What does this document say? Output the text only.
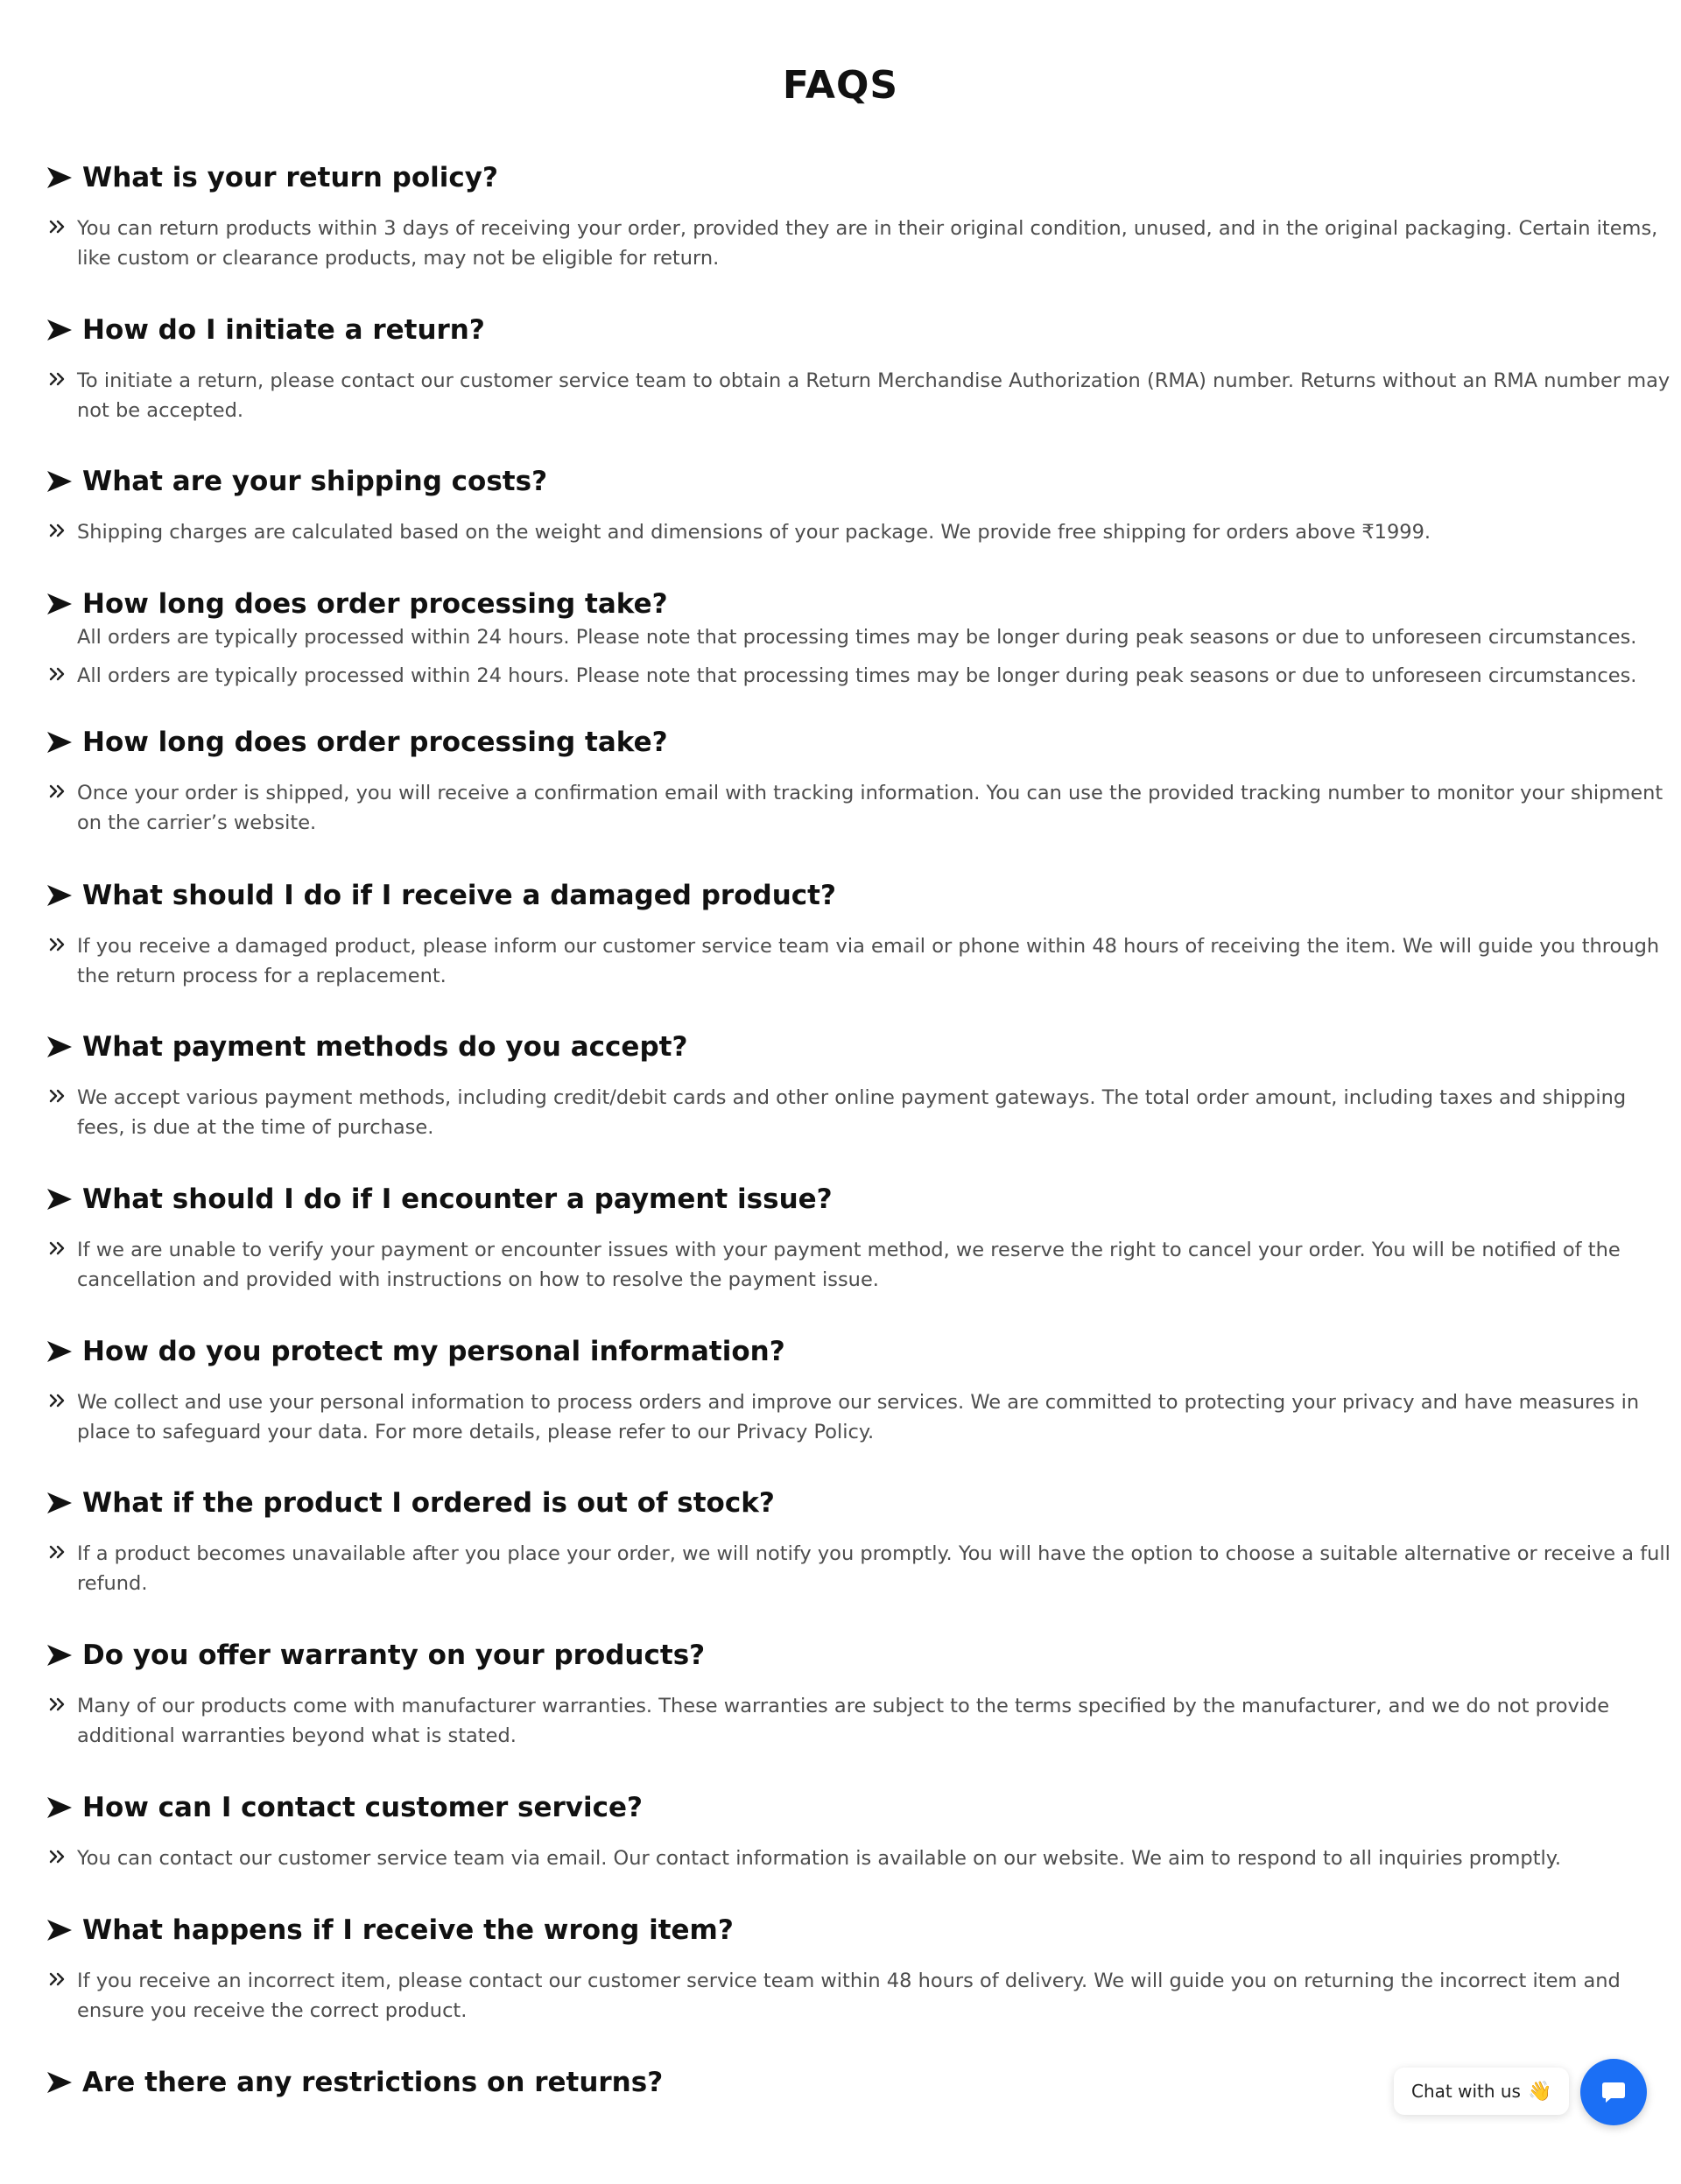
FAQS
What is your return policy?
You can return products within 3 days of receiving your order, provided they are in their original condition, unused, and in the original packaging. Certain items, like custom or clearance products, may not be eligible for return.
How do I initiate a return?
To initiate a return, please contact our customer service team to obtain a Return Merchandise Authorization (RMA) number. Returns without an RMA number may not be accepted.
What are your shipping costs?
Shipping charges are calculated based on the weight and dimensions of your package. We provide free shipping for orders above ₹1999.
How long does order processing take?
All orders are typically processed within 24 hours. Please note that processing times may be longer during peak seasons or due to unforeseen circumstances.
How long does order processing take?
Once your order is shipped, you will receive a confirmation email with tracking information. You can use the provided tracking number to monitor your shipment on the carrier’s website.
What should I do if I receive a damaged product?
If you receive a damaged product, please inform our customer service team via email or phone within 48 hours of receiving the item. We will guide you through the return process for a replacement.
What payment methods do you accept?
We accept various payment methods, including credit/debit cards and other online payment gateways. The total order amount, including taxes and shipping fees, is due at the time of purchase.
What should I do if I encounter a payment issue?
If we are unable to verify your payment or encounter issues with your payment method, we reserve the right to cancel your order. You will be notified of the cancellation and provided with instructions on how to resolve the payment issue.
How do you protect my personal information?
We collect and use your personal information to process orders and improve our services. We are committed to protecting your privacy and have measures in place to safeguard your data. For more details, please refer to our Privacy Policy.
What if the product I ordered is out of stock?
If a product becomes unavailable after you place your order, we will notify you promptly. You will have the option to choose a suitable alternative or receive a full refund.
Do you offer warranty on your products?
Many of our products come with manufacturer warranties. These warranties are subject to the terms specified by the manufacturer, and we do not provide additional warranties beyond what is stated.
How can I contact customer service?
You can contact our customer service team via email. Our contact information is available on our website. We aim to respond to all inquiries promptly.
What happens if I receive the wrong item?
If you receive an incorrect item, please contact our customer service team within 48 hours of delivery. We will guide you on returning the incorrect item and ensure you receive the correct product.
Are there any restrictions on returns?
All orders are typically processed within 24 hours. Please note that processing times may be longer during peak seasons or due to unforeseen circumstances.
Chat with us 👋
